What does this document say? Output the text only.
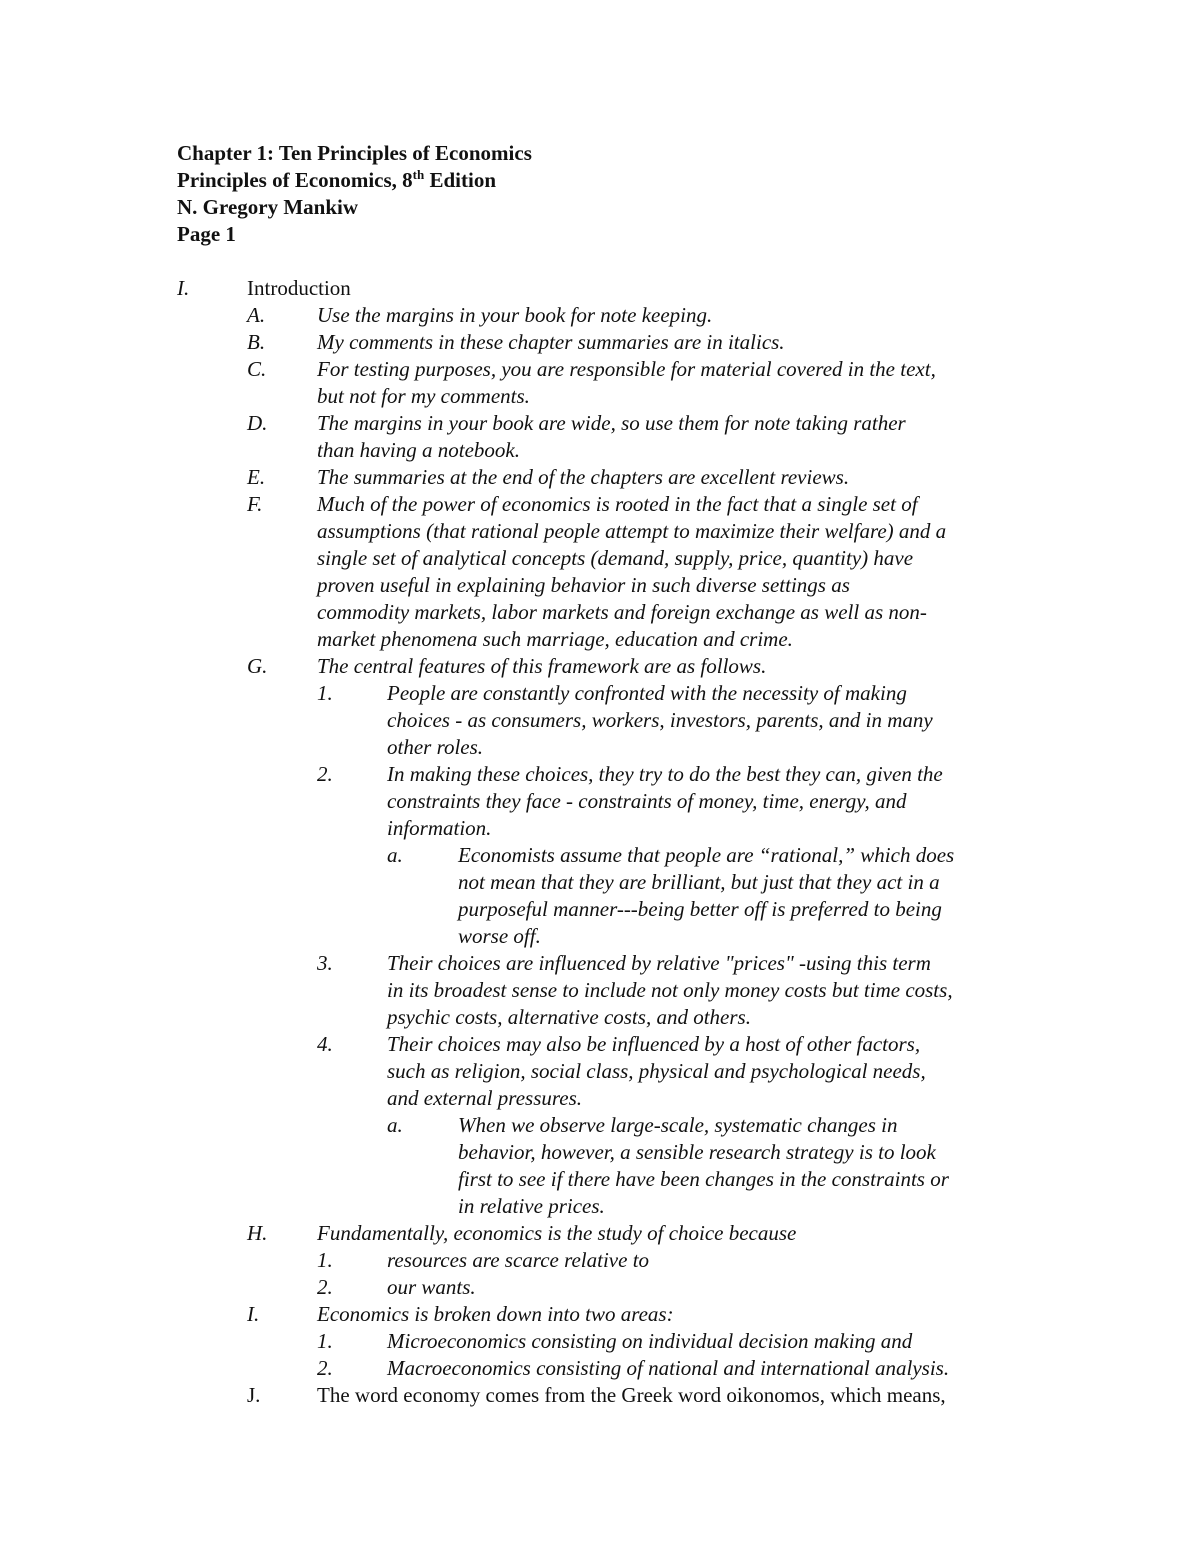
Chapter 1: Ten Principles of Economics
Principles of Economics, 8th Edition
N. Gregory Mankiw
Page 1
I.	Introduction
A.	Use the margins in your book for note keeping.
B.	My comments in these chapter summaries are in italics.
C.	For testing purposes, you are responsible for material covered in the text,
but not for my comments.
D.	The margins in your book are wide, so use them for note taking rather
than having a notebook.
E.	The summaries at the end of the chapters are excellent reviews.
F.	Much of the power of economics is rooted in the fact that a single set of
assumptions (that rational people attempt to maximize their welfare) and a
single set of analytical concepts (demand, supply, price, quantity) have
proven useful in explaining behavior in such diverse settings as
commodity markets, labor markets and foreign exchange as well as non-
market phenomena such marriage, education and crime.
G.	The central features of this framework are as follows.
1.	People are constantly confronted with the necessity of making
choices - as consumers, workers, investors, parents, and in many
other roles.
2.	In making these choices, they try to do the best they can, given the
constraints they face - constraints of money, time, energy, and
information.
a.	Economists assume that people are “rational,” which does
not mean that they are brilliant, but just that they act in a
purposeful manner---being better off is preferred to being
worse off.
3.	Their choices are influenced by relative "prices" -using this term
in its broadest sense to include not only money costs but time costs,
psychic costs, alternative costs, and others.
4.	Their choices may also be influenced by a host of other factors,
such as religion, social class, physical and psychological needs,
and external pressures.
a.	When we observe large-scale, systematic changes in
behavior, however, a sensible research strategy is to look
first to see if there have been changes in the constraints or
in relative prices.
H.	Fundamentally, economics is the study of choice because
1.	resources are scarce relative to
2.	our wants.
I.	Economics is broken down into two areas:
1.	Microeconomics consisting on individual decision making and
2.	Macroeconomics consisting of national and international analysis.
J.	The word economy comes from the Greek word oikonomos, which means,
